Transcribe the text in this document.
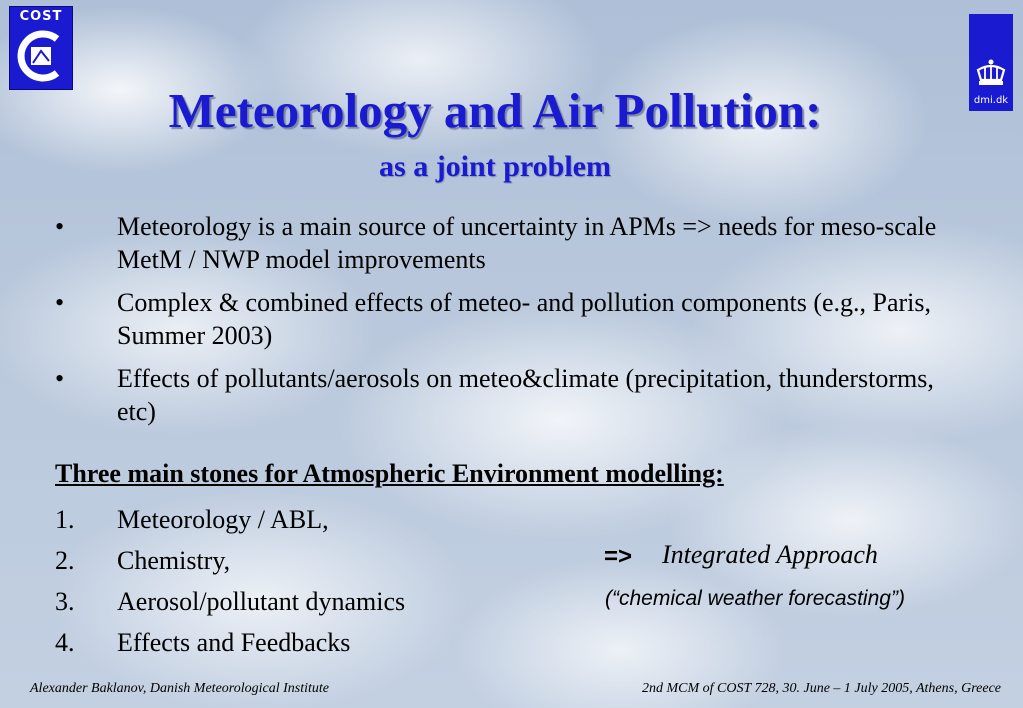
COST
dmi.dk
Meteorology and Air Pollution:
as a joint problem
• Meteorology is a main source of uncertainty in APMs => needs for meso-scale MetM / NWP model improvements
• Complex & combined effects of meteo- and pollution components (e.g., Paris, Summer 2003)
• Effects of pollutants/aerosols on meteo&climate (precipitation, thunderstorms, etc)

Three main stones for Atmospheric Environment modelling:

1. Meteorology / ABL,
2. Chemistry,
3. Aerosol/pollutant dynamics
4. Effects and Feedbacks
=> Integrated Approach
(“chemical weather forecasting”)
Alexander Baklanov, Danish Meteorological Institute	2nd MCM of COST 728, 30. June – 1 July 2005, Athens, Greece
